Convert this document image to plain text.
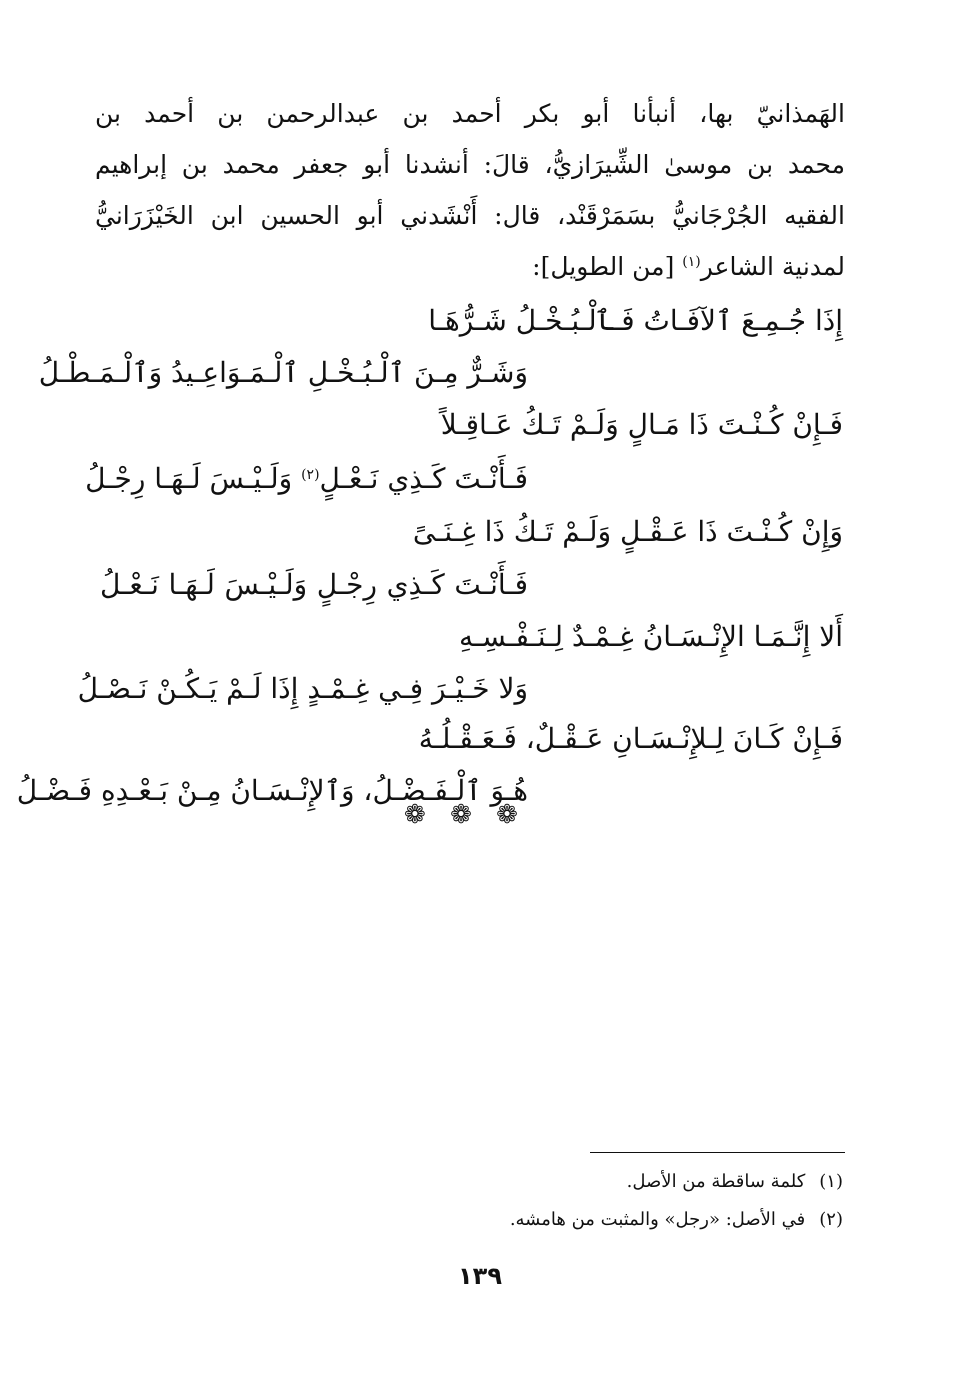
الهَمذانيّ بها، أنبأنا أبو بكر أحمد بن عبدالرحمن بن أحمد بن
محمد بن موسىٰ الشِّيرَازيُّ، قالَ: أنشدنا أبو جعفر محمد بن إبراهيم
الفقيه الجُرْجَانيُّ بسَمَرْقَنْد، قال: أَنْشَدني أبو الحسين ابن الخَيْزَرَانيُّ
لمدنية الشاعر$^{(١)}$ [من الطويل]:
إِذَا جُـمِـعَ ٱلآفَـاتُ فَـٱلْـبُـخْـلُ شَـرُّهَـا
وَشَـرٌّ مِـنَ ٱلْـبُـخْـلِ ٱلْـمَـوَاعِـيدُ وَٱلْـمَـطْـلُ
فَـإِنْ كُـنْـتَ ذَا مَـالٍ وَلَـمْ تَـكُ عَـاقِـلاً
فَـأَنْـتَ كَـذِي نَـعْـلٍ$^{(٢)}$ وَلَـيْـسَ لَـهَـا رِجْـلُ
وَإِنْ كُـنْـتَ ذَا عَـقْـلٍ وَلَـمْ تَـكُ ذَا غِـنَـىً
فَـأَنْـتَ كَـذِي رِجْـلٍ وَلَـيْـسَ لَـهَـا نَـعْـلُ
أَلا إِنَّـمَـا الإِنْـسَـانُ غِـمْـدٌ لِـنَـفْـسِـهِ
وَلا خَـيْـرَ فِـي غِـمْـدٍ إِذَا لَـمْ يَـكُـنْ نَـصْـلُ
فَـإِنْ كَـانَ لِـلإِنْـسَـانِ عَـقْـلٌ، فَـعَـقْـلُـهُ
هُـوَ ٱلْـفَـضْـلُ، وَٱلإِنْـسَـانُ مِـنْ بَـعْـدِهِ فَـضْـلُ
❁ ❁ ❁
(١)كلمة ساقطة من الأصل.
(٢)في الأصل: «رجل» والمثبت من هامشه.
١٣٩
